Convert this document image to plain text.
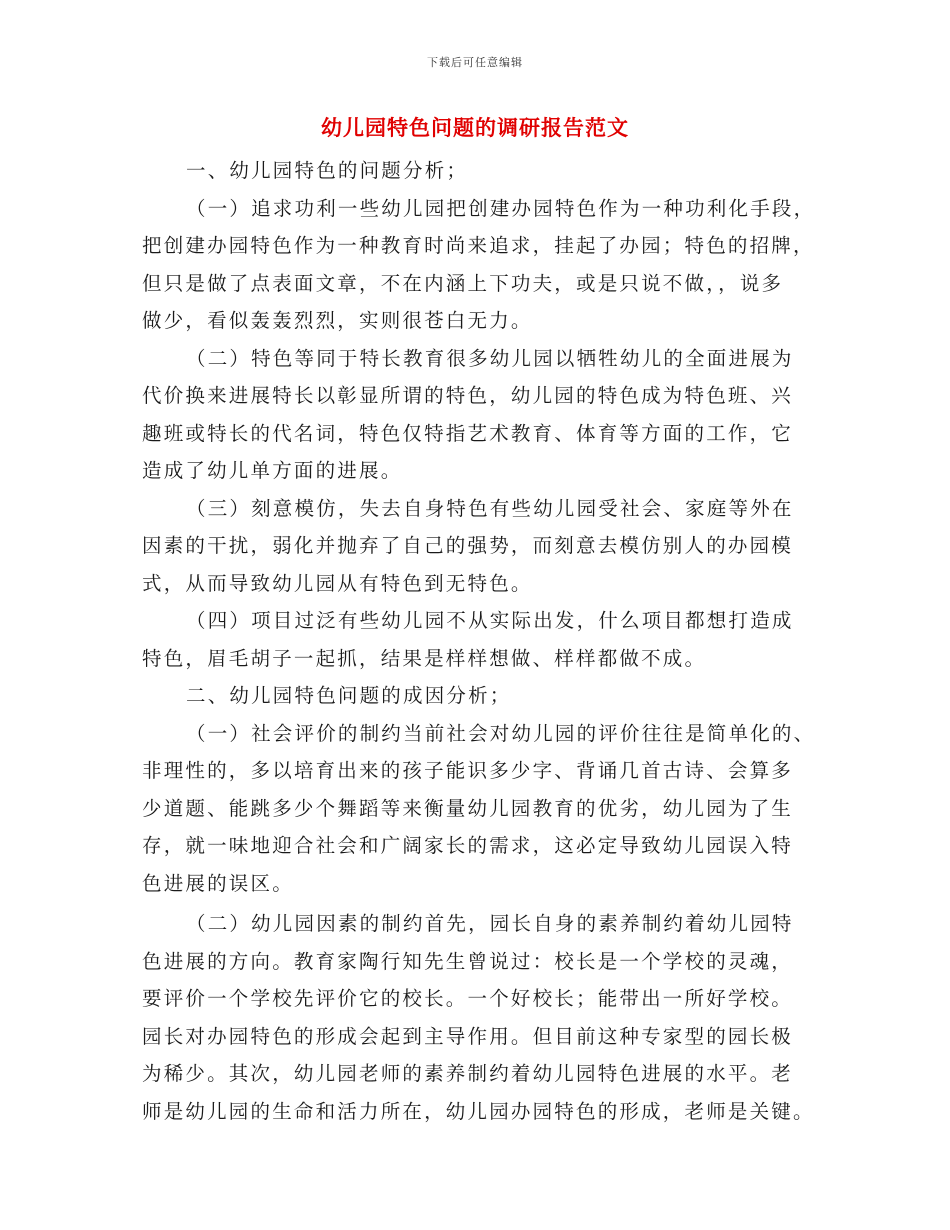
下载后可任意编辑
幼儿园特色问题的调研报告范文
一、幼儿园特色的问题分析；
（一）追求功利一些幼儿园把创建办园特色作为一种功利化手段，
把创建办园特色作为一种教育时尚来追求，挂起了办园；特色的招牌，
但只是做了点表面文章，不在内涵上下功夫，或是只说不做，，说多
做少，看似轰轰烈烈，实则很苍白无力。
（二）特色等同于特长教育很多幼儿园以牺牲幼儿的全面进展为
代价换来进展特长以彰显所谓的特色，幼儿园的特色成为特色班、兴
趣班或特长的代名词，特色仅特指艺术教育、体育等方面的工作，它
造成了幼儿单方面的进展。
（三）刻意模仿，失去自身特色有些幼儿园受社会、家庭等外在
因素的干扰，弱化并抛弃了自己的强势，而刻意去模仿别人的办园模
式，从而导致幼儿园从有特色到无特色。
（四）项目过泛有些幼儿园不从实际出发，什么项目都想打造成
特色，眉毛胡子一起抓，结果是样样想做、样样都做不成。
二、幼儿园特色问题的成因分析；
（一）社会评价的制约当前社会对幼儿园的评价往往是简单化的、
非理性的，多以培育出来的孩子能识多少字、背诵几首古诗、会算多
少道题、能跳多少个舞蹈等来衡量幼儿园教育的优劣，幼儿园为了生
存，就一味地迎合社会和广阔家长的需求，这必定导致幼儿园误入特
色进展的误区。
（二）幼儿园因素的制约首先，园长自身的素养制约着幼儿园特
色进展的方向。教育家陶行知先生曾说过：校长是一个学校的灵魂，
要评价一个学校先评价它的校长。一个好校长；能带出一所好学校。
园长对办园特色的形成会起到主导作用。但目前这种专家型的园长极
为稀少。其次，幼儿园老师的素养制约着幼儿园特色进展的水平。老
师是幼儿园的生命和活力所在，幼儿园办园特色的形成，老师是关键。
